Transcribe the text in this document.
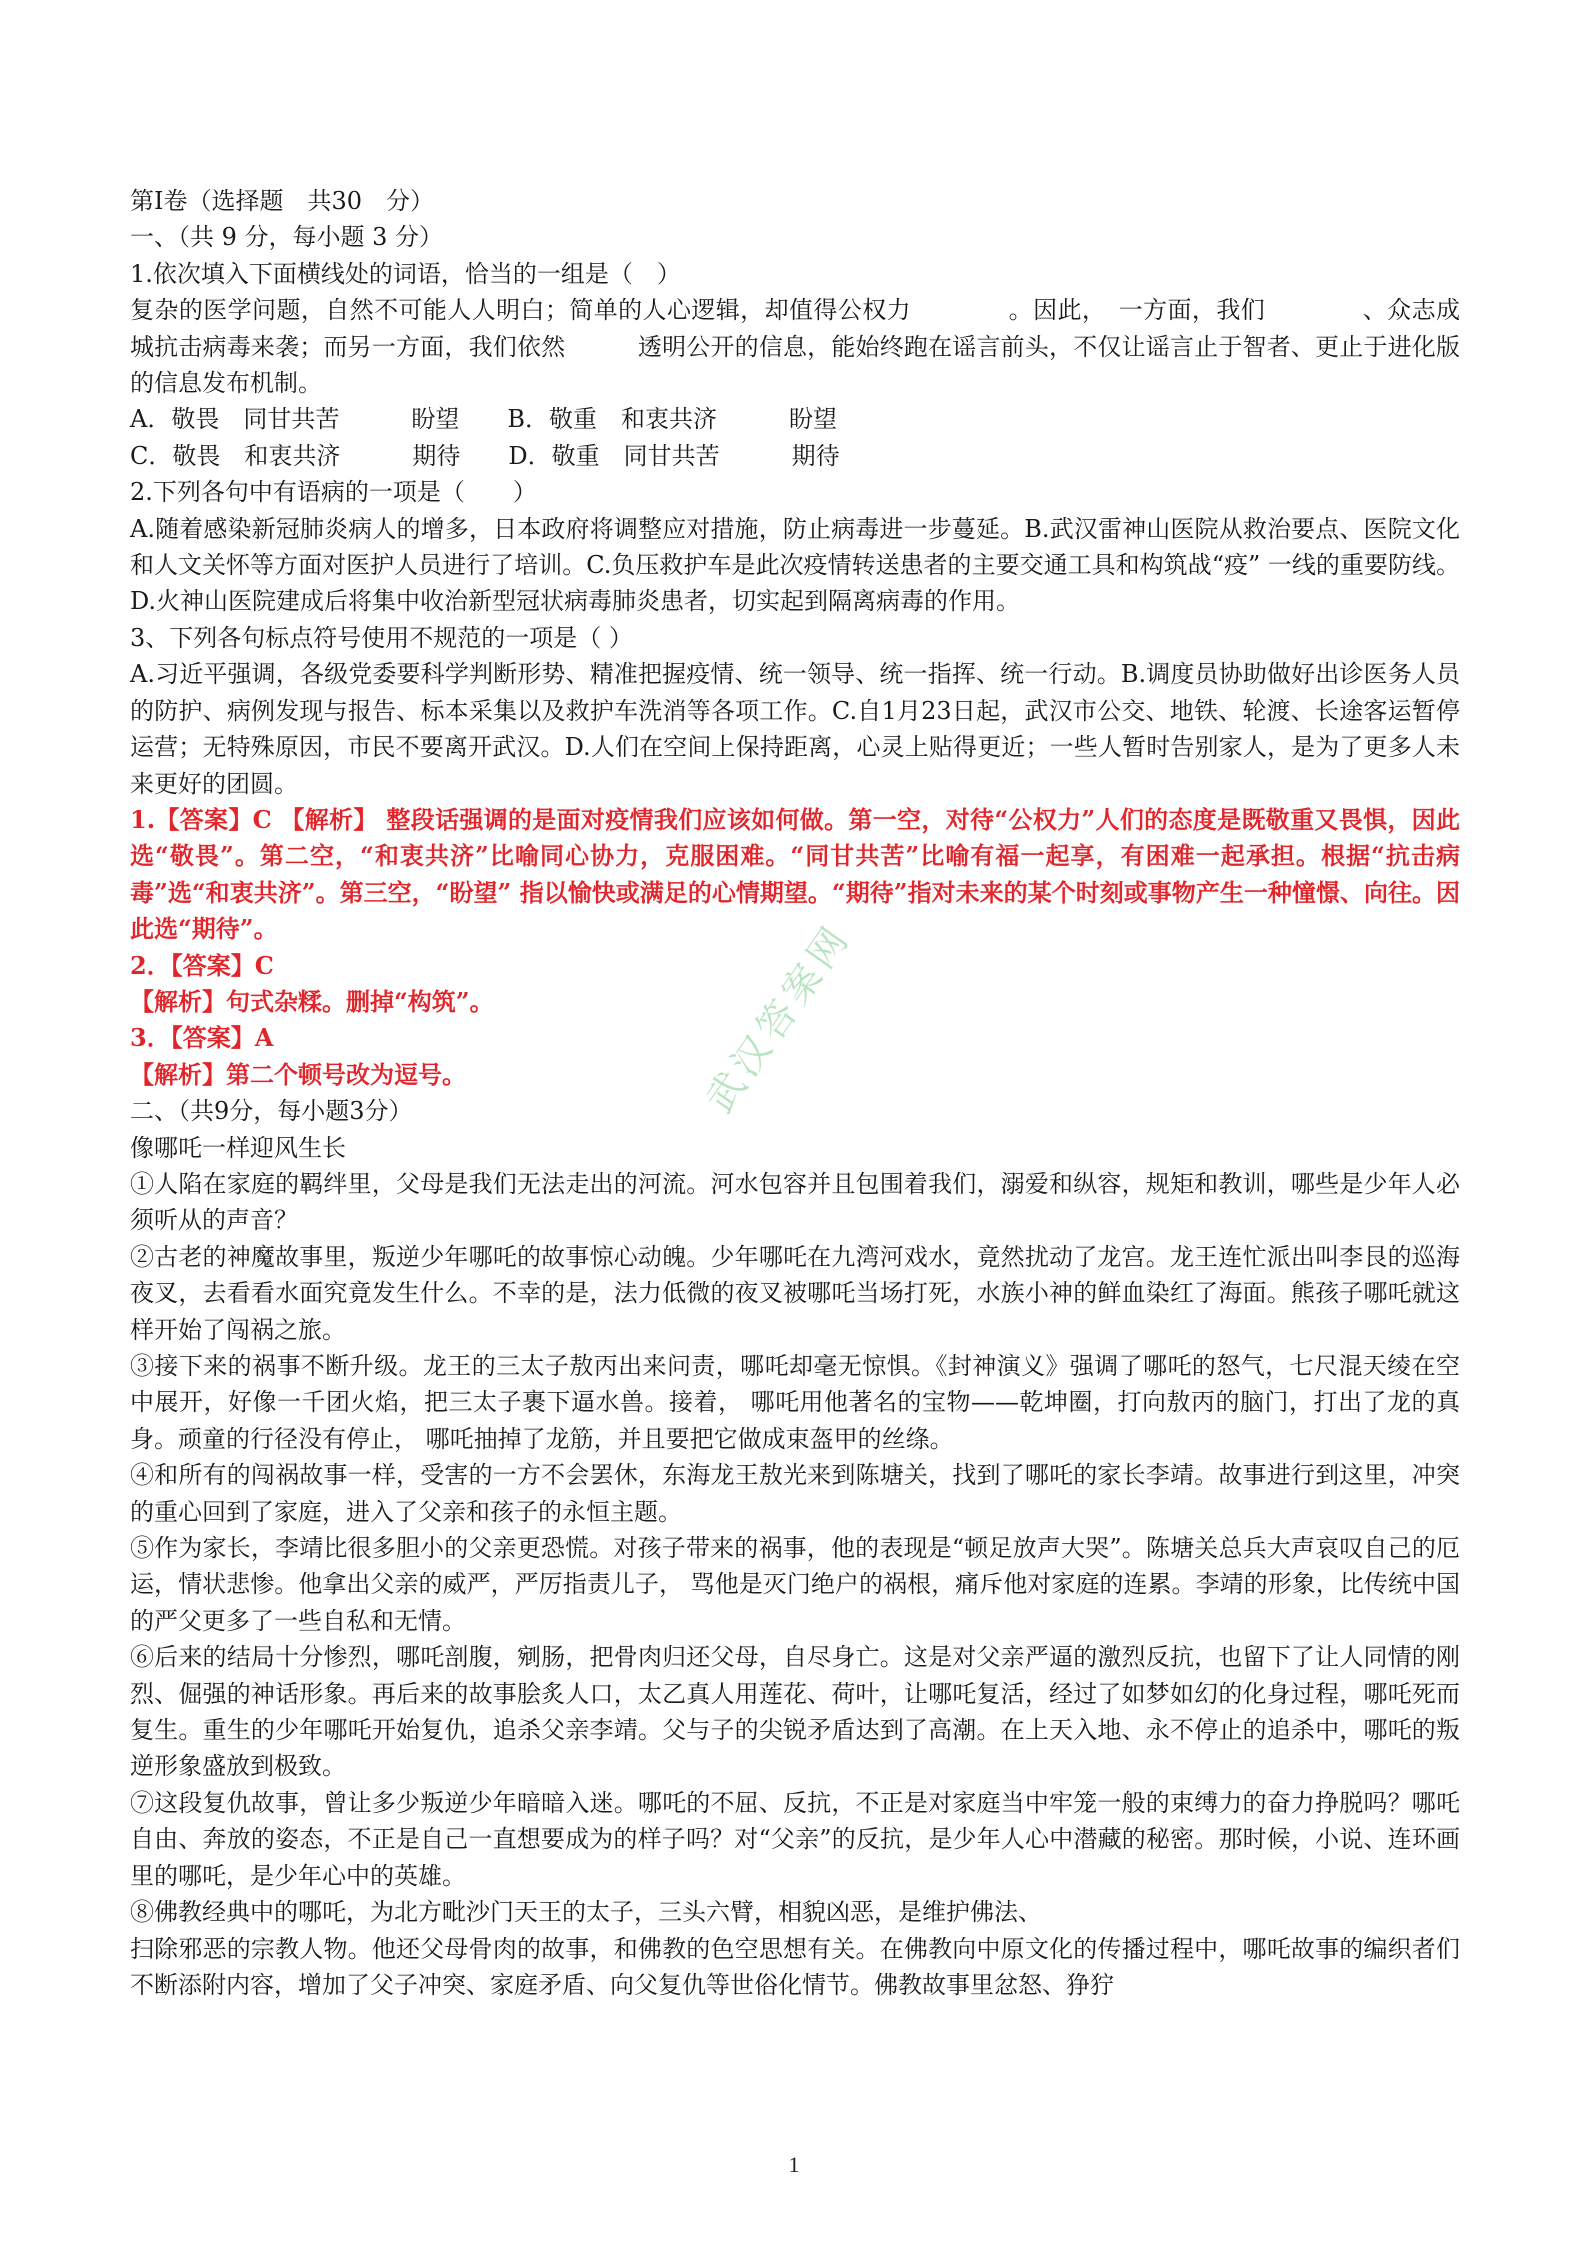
第Ⅰ卷（选择题　共30　分）

一、（共 9 分，每小题 3 分）

1.依次填入下面横线处的词语，恰当的一组是（　）

复杂的医学问题，自然不可能人人明白；简单的人心逻辑，却值得公权力　　　　。因此，　一方面，我们　　　　、众志成城抗击病毒来袭；而另一方面，我们依然　　　透明公开的信息，能始终跑在谣言前头，不仅让谣言止于智者、更止于进化版的信息发布机制。

A．敬畏　同甘共苦　　　盼望　　 B．敬重　和衷共济　　　盼望

C．敬畏　和衷共济　　　期待　　 D．敬重　同甘共苦　　　期待

2.下列各句中有语病的一项是（　　）

A.随着感染新冠肺炎病人的增多，日本政府将调整应对措施，防止病毒进一步蔓延。B.武汉雷神山医院从救治要点、医院文化和人文关怀等方面对医护人员进行了培训。C.负压救护车是此次疫情转送患者的主要交通工具和构筑战“疫” 一线的重要防线。D.火神山医院建成后将集中收治新型冠状病毒肺炎患者，切实起到隔离病毒的作用。

3、下列各句标点符号使用不规范的一项是（ ）

A.习近平强调，各级党委要科学判断形势、精准把握疫情、统一领导、统一指挥、统一行动。B.调度员协助做好出诊医务人员的防护、病例发现与报告、标本采集以及救护车洗消等各项工作。C.自1月23日起，武汉市公交、地铁、轮渡、长途客运暂停运营；无特殊原因，市民不要离开武汉。D.人们在空间上保持距离，心灵上贴得更近；一些人暂时告别家人，是为了更多人未来更好的团圆。

1.【答案】C 【解析】 整段话强调的是面对疫情我们应该如何做。第一空，对待“公权力”人们的态度是既敬重又畏惧，因此选“敬畏”。第二空，“和衷共济”比喻同心协力，克服困难。“同甘共苦”比喻有福一起享，有困难一起承担。根据“抗击病毒”选“和衷共济”。第三空，“盼望” 指以愉快或满足的心情期望。“期待”指对未来的某个时刻或事物产生一种憧憬、向往。因此选“期待”。

2．【答案】C

【解析】句式杂糅。删掉“构筑”。

3．【答案】A

【解析】第二个顿号改为逗号。

二、（共9分，每小题3分）

像哪吒一样迎风生长

①人陷在家庭的羁绊里，父母是我们无法走出的河流。河水包容并且包围着我们，溺爱和纵容，规矩和教训，哪些是少年人必须听从的声音？

②古老的神魔故事里，叛逆少年哪吒的故事惊心动魄。少年哪吒在九湾河戏水，竟然扰动了龙宫。龙王连忙派出叫李艮的巡海夜叉，去看看水面究竟发生什么。不幸的是，法力低微的夜叉被哪吒当场打死，水族小神的鲜血染红了海面。熊孩子哪吒就这样开始了闯祸之旅。

③接下来的祸事不断升级。龙王的三太子敖丙出来问责，哪吒却毫无惊惧。《封神演义》强调了哪吒的怒气，七尺混天绫在空中展开，好像一千团火焰，把三太子裹下逼水兽。接着， 哪吒用他著名的宝物——乾坤圈，打向敖丙的脑门，打出了龙的真身。顽童的行径没有停止， 哪吒抽掉了龙筋，并且要把它做成束盔甲的丝绦。

④和所有的闯祸故事一样，受害的一方不会罢休，东海龙王敖光来到陈塘关，找到了哪吒的家长李靖。故事进行到这里，冲突的重心回到了家庭，进入了父亲和孩子的永恒主题。

⑤作为家长，李靖比很多胆小的父亲更恐慌。对孩子带来的祸事，他的表现是“顿足放声大哭”。陈塘关总兵大声哀叹自己的厄运，情状悲惨。他拿出父亲的威严，严厉指责儿子， 骂他是灭门绝户的祸根，痛斥他对家庭的连累。李靖的形象，比传统中国的严父更多了一些自私和无情。

⑥后来的结局十分惨烈，哪吒剖腹，剜肠，把骨肉归还父母，自尽身亡。这是对父亲严逼的激烈反抗，也留下了让人同情的刚烈、倔强的神话形象。再后来的故事脍炙人口，太乙真人用莲花、荷叶，让哪吒复活，经过了如梦如幻的化身过程，哪吒死而复生。重生的少年哪吒开始复仇，追杀父亲李靖。父与子的尖锐矛盾达到了高潮。在上天入地、永不停止的追杀中，哪吒的叛逆形象盛放到极致。

⑦这段复仇故事，曾让多少叛逆少年暗暗入迷。哪吒的不屈、反抗，不正是对家庭当中牢笼一般的束缚力的奋力挣脱吗？哪吒自由、奔放的姿态，不正是自己一直想要成为的样子吗？对“父亲”的反抗，是少年人心中潜藏的秘密。那时候，小说、连环画里的哪吒，是少年心中的英雄。

⑧佛教经典中的哪吒，为北方毗沙门天王的太子，三头六臂，相貌凶恶，是维护佛法、

扫除邪恶的宗教人物。他还父母骨肉的故事，和佛教的色空思想有关。在佛教向中原文化的传播过程中，哪吒故事的编织者们不断添附内容，增加了父子冲突、家庭矛盾、向父复仇等世俗化情节。佛教故事里忿怒、狰狞

武汉答案网
1
